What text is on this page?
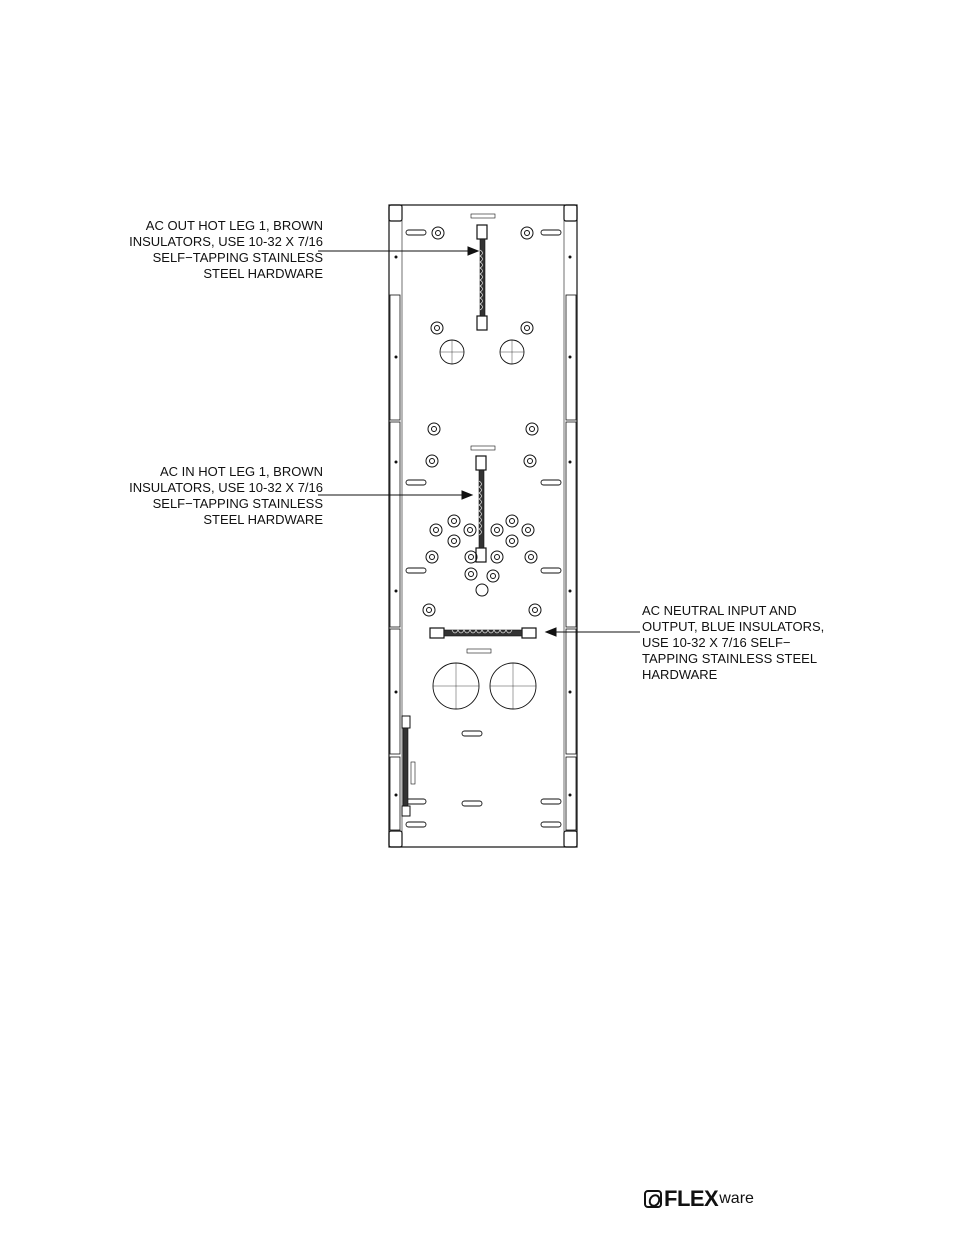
AC OUT HOT LEG 1, BROWN
INSULATORS, USE 10-32 X 7/16
SELF−TAPPING STAINLESS
STEEL HARDWARE
AC IN HOT LEG 1, BROWN
INSULATORS, USE 10-32 X 7/16
SELF−TAPPING STAINLESS
STEEL HARDWARE
AC NEUTRAL INPUT AND
OUTPUT, BLUE INSULATORS,
USE 10-32 X 7/16 SELF−
TAPPING STAINLESS STEEL
HARDWARE
FLEX ware
